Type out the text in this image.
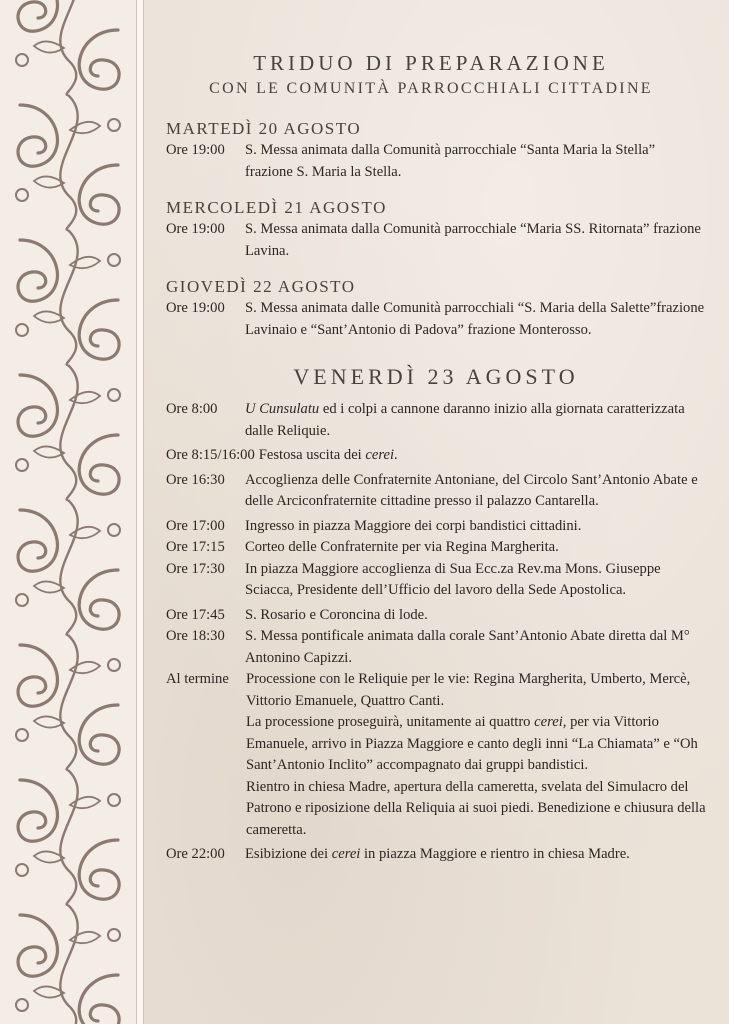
TRIDUO DI PREPARAZIONE
CON LE COMUNITÀ PARROCCHIALI CITTADINE
MARTEDÌ 20 AGOSTO
Ore 19:00	S. Messa animata dalla Comunità parrocchiale “Santa Maria la Stella” frazione S. Maria la Stella.
MERCOLEDÌ 21 AGOSTO
Ore 19:00	S. Messa animata dalla Comunità parrocchiale “Maria SS. Ritornata” frazione Lavina.
GIOVEDÌ 22 AGOSTO
Ore 19:00	S. Messa animata dalle Comunità parrocchiali “S. Maria della Salette”frazione Lavinaio e “Sant’Antonio di Padova” frazione Monterosso.
VENERDÌ 23 AGOSTO
Ore 8:00	U Cunsulatu ed i colpi a cannone daranno inizio alla giornata caratterizzata dalle Reliquie.
Ore 8:15/16:00 Festosa uscita dei cerei.
Ore 16:30	Accoglienza delle Confraternite Antoniane, del Circolo Sant’Antonio Abate e delle Arciconfraternite cittadine presso il palazzo Cantarella.
Ore 17:00	Ingresso in piazza Maggiore dei corpi bandistici cittadini.
Ore 17:15	Corteo delle Confraternite per via Regina Margherita.
Ore 17:30	In piazza Maggiore accoglienza di Sua Ecc.za Rev.ma Mons. Giuseppe Sciacca, Presidente dell’Ufficio del lavoro della Sede Apostolica.
Ore 17:45	S. Rosario e Coroncina di lode.
Ore 18:30	S. Messa pontificale animata dalla corale Sant’Antonio Abate diretta dal M° Antonino Capizzi.
Al termine	Processione con le Reliquie per le vie: Regina Margherita, Umberto, Mercè, Vittorio Emanuele, Quattro Canti.
La processione proseguirà, unitamente ai quattro cerei, per via Vittorio Emanuele, arrivo in Piazza Maggiore e canto degli inni “La Chiamata” e “Oh Sant’Antonio Inclito” accompagnato dai gruppi bandistici.
Rientro in chiesa Madre, apertura della cameretta, svelata del Simulacro del Patrono e riposizione della Reliquia ai suoi piedi. Benedizione e chiusura della cameretta.
Ore 22:00	Esibizione dei cerei in piazza Maggiore e rientro in chiesa Madre.
